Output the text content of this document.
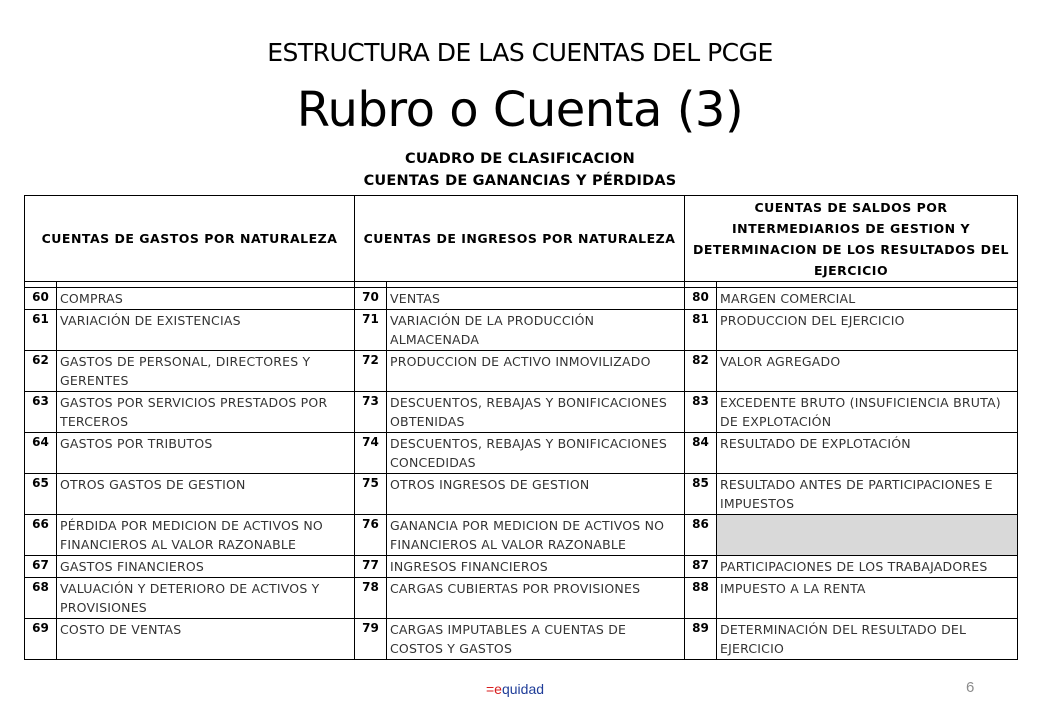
ESTRUCTURA DE LAS CUENTAS DEL PCGE
Rubro o Cuenta (3)
CUADRO DE CLASIFICACION
CUENTAS DE GANANCIAS Y PÉRDIDAS
CUENTAS DE GASTOS POR NATURALEZA		CUENTAS DE INGRESOS POR NATURALEZA		CUENTAS DE SALDOS POR INTERMEDIARIOS DE GESTION Y DETERMINACION DE LOS RESULTADOS DEL EJERCICIO	

60	COMPRAS	70	VENTAS	80	MARGEN COMERCIAL
61	VARIACIÓN DE EXISTENCIAS	71	VARIACIÓN DE LA PRODUCCIÓN ALMACENADA	81	PRODUCCION DEL EJERCICIO
62	GASTOS DE PERSONAL, DIRECTORES Y GERENTES	72	PRODUCCION DE ACTIVO INMOVILIZADO	82	VALOR AGREGADO
63	GASTOS POR SERVICIOS PRESTADOS POR TERCEROS	73	DESCUENTOS, REBAJAS Y BONIFICACIONES OBTENIDAS	83	EXCEDENTE BRUTO (INSUFICIENCIA BRUTA) DE EXPLOTACIÓN
64	GASTOS POR TRIBUTOS	74	DESCUENTOS, REBAJAS Y BONIFICACIONES CONCEDIDAS	84	RESULTADO DE EXPLOTACIÓN
65	OTROS GASTOS DE GESTION	75	OTROS INGRESOS DE GESTION	85	RESULTADO ANTES DE PARTICIPACIONES E IMPUESTOS
66	PÉRDIDA POR MEDICION DE ACTIVOS NO FINANCIEROS AL VALOR RAZONABLE	76	GANANCIA POR MEDICION DE ACTIVOS NO FINANCIEROS AL VALOR RAZONABLE	86	
67	GASTOS FINANCIEROS	77	INGRESOS FINANCIEROS	87	PARTICIPACIONES DE LOS TRABAJADORES
68	VALUACIÓN Y DETERIORO DE ACTIVOS Y PROVISIONES	78	CARGAS CUBIERTAS POR PROVISIONES	88	IMPUESTO A LA RENTA
69	COSTO DE VENTAS	79	CARGAS IMPUTABLES A CUENTAS DE COSTOS Y GASTOS	89	DETERMINACIÓN DEL RESULTADO DEL EJERCICIO
=equidad	6
